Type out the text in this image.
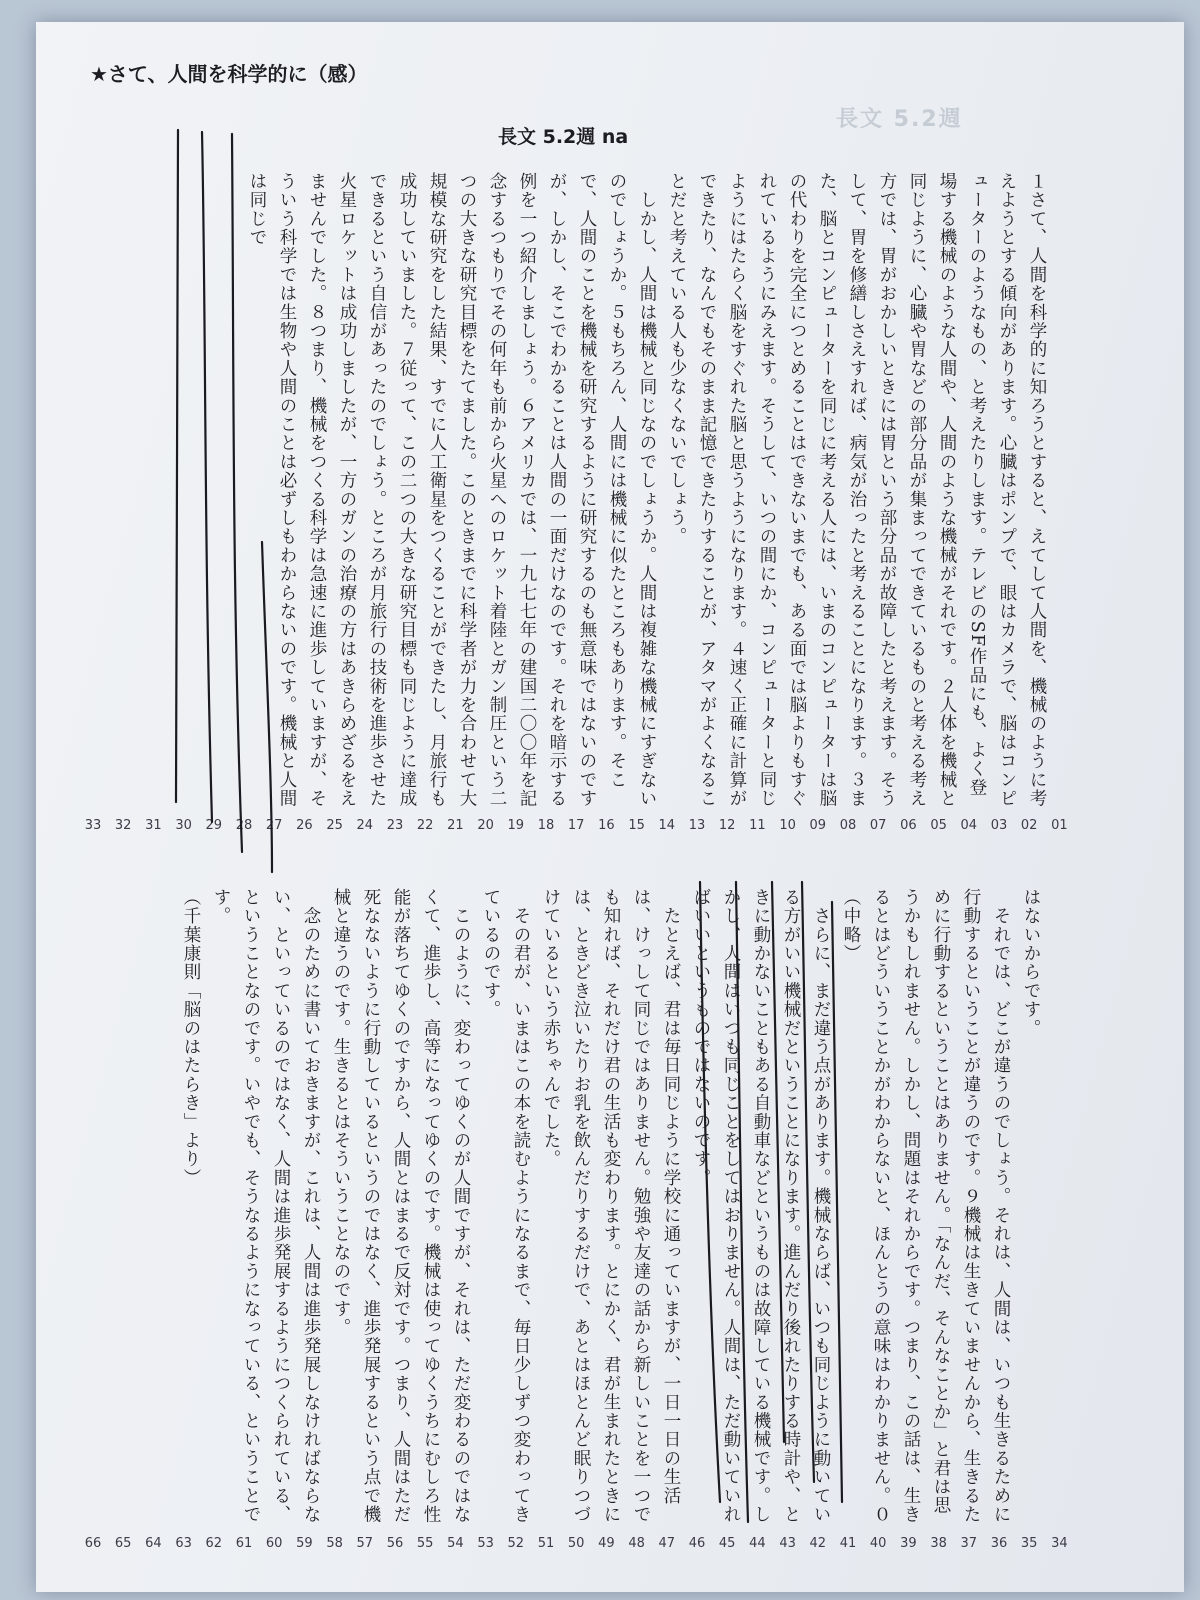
長文 5.2週
★さて、人間を科学的に（感）
長文 5.2週 na
１さて、人間を科学的に知ろうとすると、えてして人間を、機械のように考えようとする傾向があります。心臓はポンプで、眼はカメラで、脳はコンピューターのようなもの、と考えたりします。テレビのSF作品にも、よく登場する機械のような人間や、人間のような機械がそれです。２人体を機械と同じように、心臓や胃などの部分品が集まってできているものと考える考え方では、胃がおかしいときには胃という部分品が故障したと考えます。そうして、胃を修繕しさえすれば、病気が治ったと考えることになります。３また、脳とコンピューターを同じに考える人には、いまのコンピューターは脳の代わりを完全につとめることはできないまでも、ある面では脳よりもすぐれているようにみえます。そうして、いつの間にか、コンピューターと同じようにはたらく脳をすぐれた脳と思うようになります。４速く正確に計算ができたり、なんでもそのまま記憶できたりすることが、アタマがよくなることだと考えている人も少なくないでしょう。
　しかし、人間は機械と同じなのでしょうか。人間は複雑な機械にすぎないのでしょうか。５もちろん、人間には機械に似たところもあります。そこで、人間のことを機械を研究するように研究するのも無意味ではないのですが、しかし、そこでわかることは人間の一面だけなのです。それを暗示する例を一つ紹介しましょう。６アメリカでは、一九七七年の建国二〇〇年を記念するつもりでその何年も前から火星へのロケット着陸とガン制圧という二つの大きな研究目標をたてました。このときまでに科学者が力を合わせて大規模な研究をした結果、すでに人工衛星をつくることができたし、月旅行も成功していました。７従って、この二つの大きな研究目標も同じように達成できるという自信があったのでしょう。ところが月旅行の技術を進歩させた火星ロケットは成功しましたが、一方のガンの治療の方はあきらめざるをえませんでした。８つまり、機械をつくる科学は急速に進歩していますが、そういう科学では生物や人間のことは必ずしもわからないのです。機械と人間は同じで
33	32	31	30	29	28	27	26	25	24	23	22	21	20	19	18	17	16	15	14	13	12	11	10	09	08	07	06	05	04	03	02	01
はないからです。
　それでは、どこが違うのでしょう。それは、人間は、いつも生きるために行動するということが違うのです。９機械は生きていませんから、生きるために行動するということはありません。「なんだ、そんなことか」と君は思うかもしれません。しかし、問題はそれからです。つまり、この話は、生きるとはどういうことかがわからないと、ほんとうの意味はわかりません。０
（中略）
　さらに、まだ違う点があります。機械ならば、いつも同じように動いている方がいい機械だということになります。進んだり後れたりする時計や、ときに動かないこともある自動車などというものは故障している機械です。しかし、人間はいつも同じことをしてはおりません。人間は、ただ動いていればいいというものではないのです。
　たとえば、君は毎日同じように学校に通っていますが、一日一日の生活は、けっして同じではありません。勉強や友達の話から新しいことを一つでも知れば、それだけ君の生活も変わります。とにかく、君が生まれたときには、ときどき泣いたりお乳を飲んだりするだけで、あとはほとんど眠りつづけているという赤ちゃんでした。
　その君が、いまはこの本を読むようになるまで、毎日少しずつ変わってきているのです。
　このように、変わってゆくのが人間ですが、それは、ただ変わるのではなくて、進歩し、高等になってゆくのです。機械は使ってゆくうちにむしろ性能が落ちてゆくのですから、人間とはまるで反対です。つまり、人間はただ死なないように行動しているというのではなく、進歩発展するという点で機械と違うのです。生きるとはそういうことなのです。
　念のために書いておきますが、これは、人間は進歩発展しなければならない、といっているのではなく、人間は進歩発展するようにつくられている、ということなのです。いやでも、そうなるようになっている、ということです。
（千葉康則「脳のはたらき」より）
66	65	64	63	62	61	60	59	58	57	56	55	54	53	52	51	50	49	48	47	46	45	44	43	42	41	40	39	38	37	36	35	34
